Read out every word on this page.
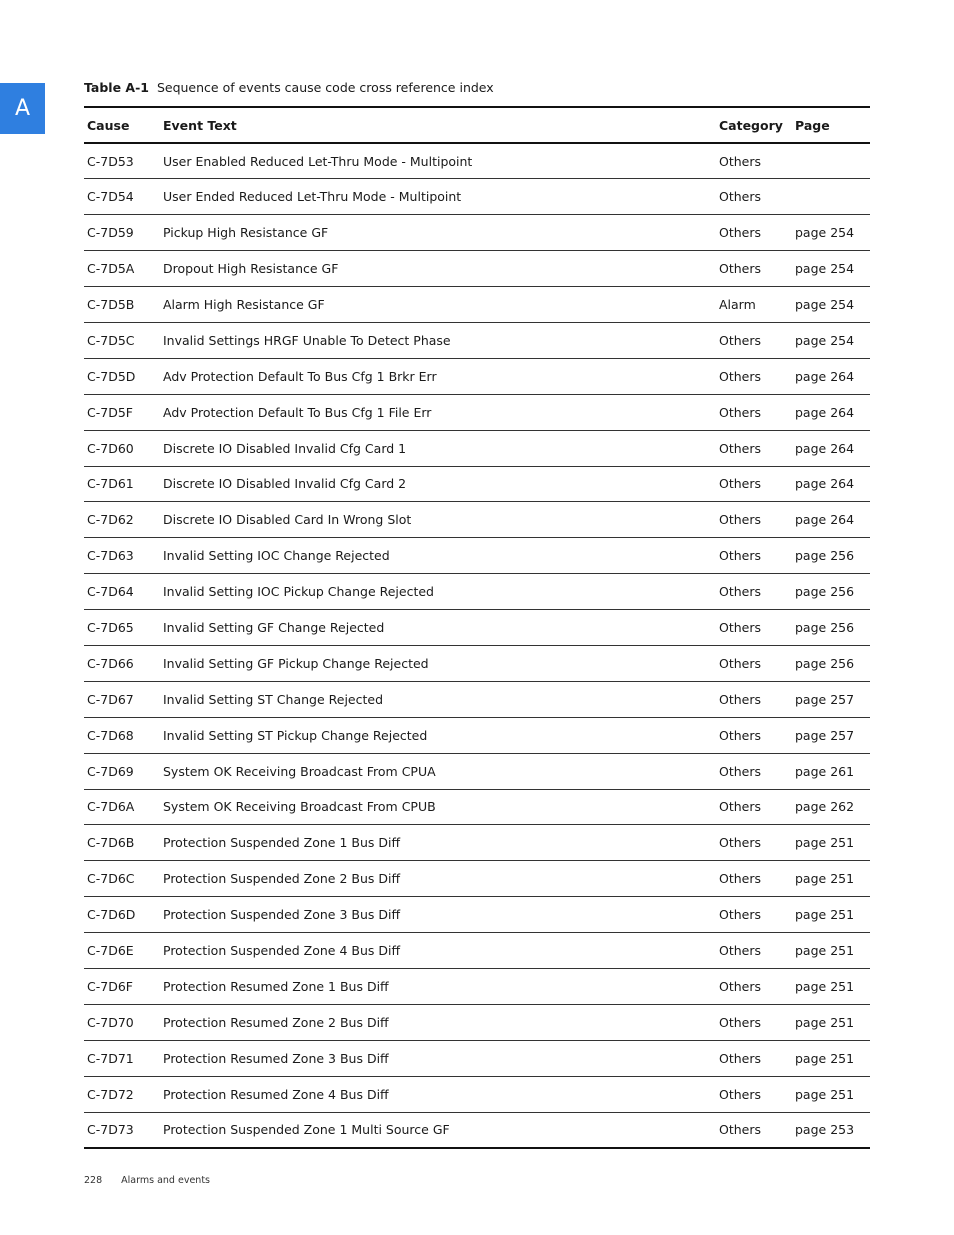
A
Table A-1 Sequence of events cause code cross reference index
Cause	Event Text	Category	Page
C-7D53	User Enabled Reduced Let-Thru Mode - Multipoint	Others	
C-7D54	User Ended Reduced Let-Thru Mode - Multipoint	Others	
C-7D59	Pickup High Resistance GF	Others	page 254
C-7D5A	Dropout High Resistance GF	Others	page 254
C-7D5B	Alarm High Resistance GF	Alarm	page 254
C-7D5C	Invalid Settings HRGF Unable To Detect Phase	Others	page 254
C-7D5D	Adv Protection Default To Bus Cfg 1 Brkr Err	Others	page 264
C-7D5F	Adv Protection Default To Bus Cfg 1 File Err	Others	page 264
C-7D60	Discrete IO Disabled Invalid Cfg Card 1	Others	page 264
C-7D61	Discrete IO Disabled Invalid Cfg Card 2	Others	page 264
C-7D62	Discrete IO Disabled Card In Wrong Slot	Others	page 264
C-7D63	Invalid Setting IOC Change Rejected	Others	page 256
C-7D64	Invalid Setting IOC Pickup Change Rejected	Others	page 256
C-7D65	Invalid Setting GF Change Rejected	Others	page 256
C-7D66	Invalid Setting GF Pickup Change Rejected	Others	page 256
C-7D67	Invalid Setting ST Change Rejected	Others	page 257
C-7D68	Invalid Setting ST Pickup Change Rejected	Others	page 257
C-7D69	System OK Receiving Broadcast From CPUA	Others	page 261
C-7D6A	System OK Receiving Broadcast From CPUB	Others	page 262
C-7D6B	Protection Suspended Zone 1 Bus Diff	Others	page 251
C-7D6C	Protection Suspended Zone 2 Bus Diff	Others	page 251
C-7D6D	Protection Suspended Zone 3 Bus Diff	Others	page 251
C-7D6E	Protection Suspended Zone 4 Bus Diff	Others	page 251
C-7D6F	Protection Resumed Zone 1 Bus Diff	Others	page 251
C-7D70	Protection Resumed Zone 2 Bus Diff	Others	page 251
C-7D71	Protection Resumed Zone 3 Bus Diff	Others	page 251
C-7D72	Protection Resumed Zone 4 Bus Diff	Others	page 251
C-7D73	Protection Suspended Zone 1 Multi Source GF	Others	page 253
228 Alarms and events
